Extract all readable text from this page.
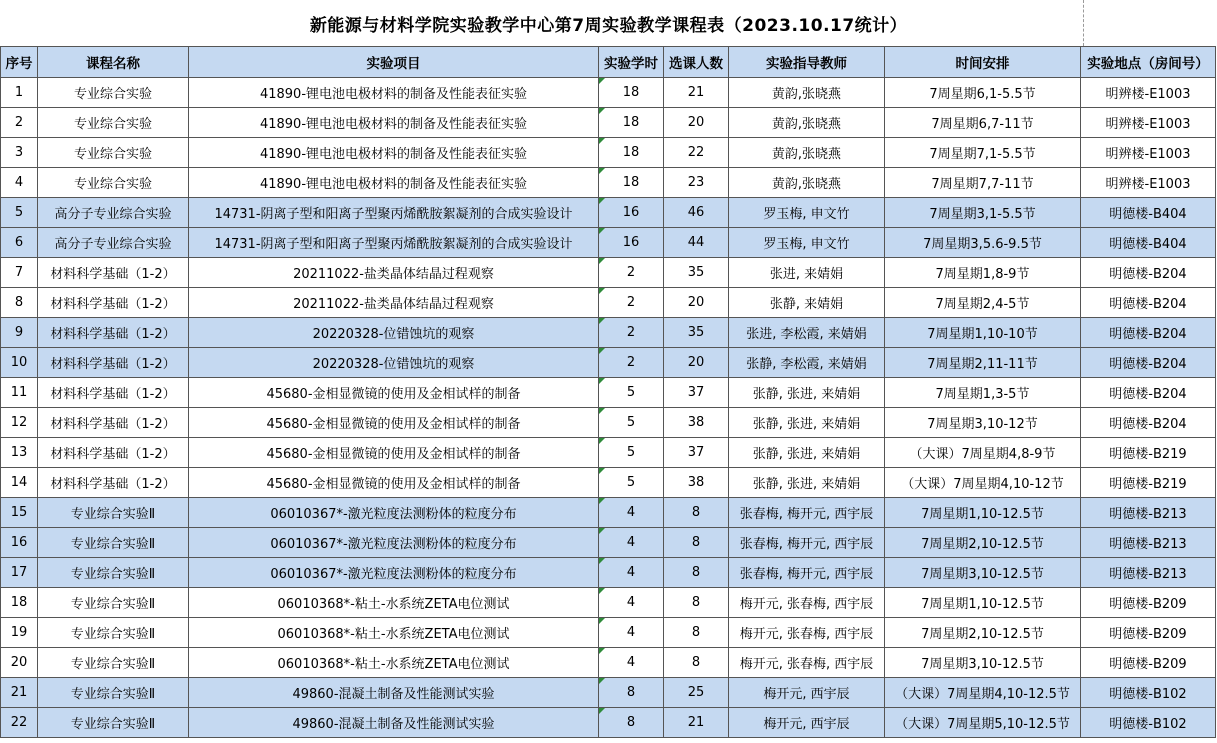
新能源与材料学院实验教学中心第7周实验教学课程表（2023.10.17统计）
序号	课程名称	实验项目	实验学时	选课人数	实验指导教师	时间安排	实验地点（房间号）
1	专业综合实验	41890-锂电池电极材料的制备及性能表征实验	18	21	黄韵,张晓燕	7周星期6,1-5.5节	明辨楼-E1003
2	专业综合实验	41890-锂电池电极材料的制备及性能表征实验	18	20	黄韵,张晓燕	7周星期6,7-11节	明辨楼-E1003
3	专业综合实验	41890-锂电池电极材料的制备及性能表征实验	18	22	黄韵,张晓燕	7周星期7,1-5.5节	明辨楼-E1003
4	专业综合实验	41890-锂电池电极材料的制备及性能表征实验	18	23	黄韵,张晓燕	7周星期7,7-11节	明辨楼-E1003
5	高分子专业综合实验	14731-阴离子型和阳离子型聚丙烯酰胺絮凝剂的合成实验设计	16	46	罗玉梅, 申文竹	7周星期3,1-5.5节	明德楼-B404
6	高分子专业综合实验	14731-阴离子型和阳离子型聚丙烯酰胺絮凝剂的合成实验设计	16	44	罗玉梅, 申文竹	7周星期3,5.6-9.5节	明德楼-B404
7	材料科学基础（1-2）	20211022-盐类晶体结晶过程观察	2	35	张进, 来婧娟	7周星期1,8-9节	明德楼-B204
8	材料科学基础（1-2）	20211022-盐类晶体结晶过程观察	2	20	张静, 来婧娟	7周星期2,4-5节	明德楼-B204
9	材料科学基础（1-2）	20220328-位错蚀坑的观察	2	35	张进, 李松霞, 来婧娟	7周星期1,10-10节	明德楼-B204
10	材料科学基础（1-2）	20220328-位错蚀坑的观察	2	20	张静, 李松霞, 来婧娟	7周星期2,11-11节	明德楼-B204
11	材料科学基础（1-2）	45680-金相显微镜的使用及金相试样的制备	5	37	张静, 张进, 来婧娟	7周星期1,3-5节	明德楼-B204
12	材料科学基础（1-2）	45680-金相显微镜的使用及金相试样的制备	5	38	张静, 张进, 来婧娟	7周星期3,10-12节	明德楼-B204
13	材料科学基础（1-2）	45680-金相显微镜的使用及金相试样的制备	5	37	张静, 张进, 来婧娟	（大课）7周星期4,8-9节	明德楼-B219
14	材料科学基础（1-2）	45680-金相显微镜的使用及金相试样的制备	5	38	张静, 张进, 来婧娟	（大课）7周星期4,10-12节	明德楼-B219
15	专业综合实验Ⅱ	06010367*-激光粒度法测粉体的粒度分布	4	8	张春梅, 梅开元, 西宇辰	7周星期1,10-12.5节	明德楼-B213
16	专业综合实验Ⅱ	06010367*-激光粒度法测粉体的粒度分布	4	8	张春梅, 梅开元, 西宇辰	7周星期2,10-12.5节	明德楼-B213
17	专业综合实验Ⅱ	06010367*-激光粒度法测粉体的粒度分布	4	8	张春梅, 梅开元, 西宇辰	7周星期3,10-12.5节	明德楼-B213
18	专业综合实验Ⅱ	06010368*-粘土-水系统ZETA电位测试	4	8	梅开元, 张春梅, 西宇辰	7周星期1,10-12.5节	明德楼-B209
19	专业综合实验Ⅱ	06010368*-粘土-水系统ZETA电位测试	4	8	梅开元, 张春梅, 西宇辰	7周星期2,10-12.5节	明德楼-B209
20	专业综合实验Ⅱ	06010368*-粘土-水系统ZETA电位测试	4	8	梅开元, 张春梅, 西宇辰	7周星期3,10-12.5节	明德楼-B209
21	专业综合实验Ⅱ	49860-混凝土制备及性能测试实验	8	25	梅开元, 西宇辰	（大课）7周星期4,10-12.5节	明德楼-B102
22	专业综合实验Ⅱ	49860-混凝土制备及性能测试实验	8	21	梅开元, 西宇辰	（大课）7周星期5,10-12.5节	明德楼-B102
